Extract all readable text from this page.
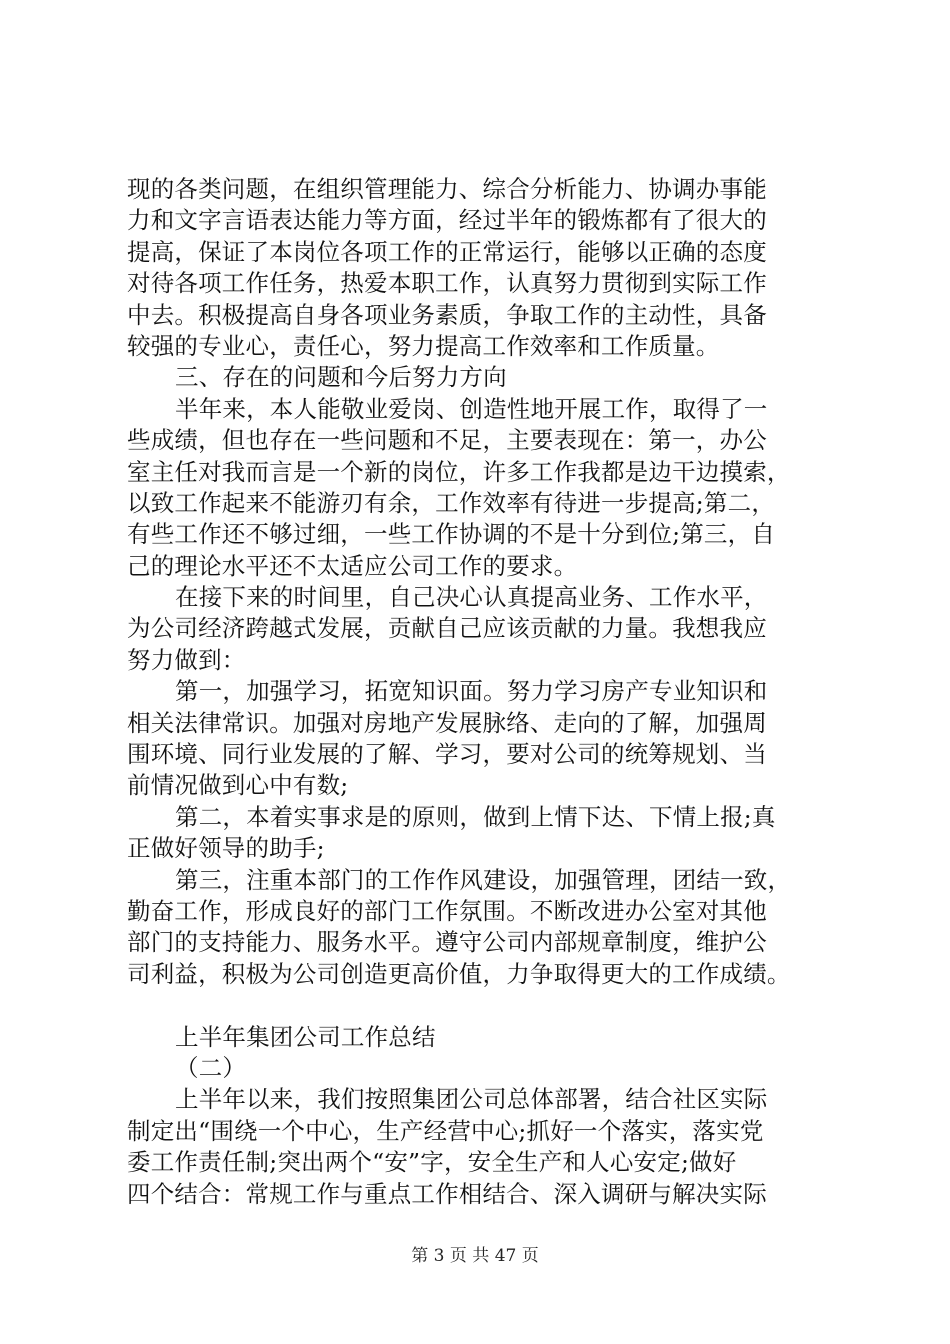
现的各类问题，在组织管理能力、综合分析能力、协调办事能
力和文字言语表达能力等方面，经过半年的锻炼都有了很大的
提高，保证了本岗位各项工作的正常运行，能够以正确的态度
对待各项工作任务，热爱本职工作，认真努力贯彻到实际工作
中去。积极提高自身各项业务素质，争取工作的主动性，具备
较强的专业心，责任心，努力提高工作效率和工作质量。
三、存在的问题和今后努力方向
半年来，本人能敬业爱岗、创造性地开展工作，取得了一
些成绩，但也存在一些问题和不足，主要表现在：第一，办公
室主任对我而言是一个新的岗位，许多工作我都是边干边摸索，
以致工作起来不能游刃有余，工作效率有待进一步提高;第二，
有些工作还不够过细，一些工作协调的不是十分到位;第三，自
己的理论水平还不太适应公司工作的要求。
在接下来的时间里，自己决心认真提高业务、工作水平，
为公司经济跨越式发展，贡献自己应该贡献的力量。我想我应
努力做到：
第一，加强学习，拓宽知识面。努力学习房产专业知识和
相关法律常识。加强对房地产发展脉络、走向的了解，加强周
围环境、同行业发展的了解、学习，要对公司的统筹规划、当
前情况做到心中有数;
第二，本着实事求是的原则，做到上情下达、下情上报;真
正做好领导的助手;
第三，注重本部门的工作作风建设，加强管理，团结一致，
勤奋工作，形成良好的部门工作氛围。不断改进办公室对其他
部门的支持能力、服务水平。遵守公司内部规章制度，维护公
司利益，积极为公司创造更高价值，力争取得更大的工作成绩。
上半年集团公司工作总结
（二）
上半年以来，我们按照集团公司总体部署，结合社区实际
制定出“围绕一个中心，生产经营中心;抓好一个落实，落实党
委工作责任制;突出两个“安”字，安全生产和人心安定;做好
四个结合：常规工作与重点工作相结合、深入调研与解决实际
第 3 页 共 47 页
